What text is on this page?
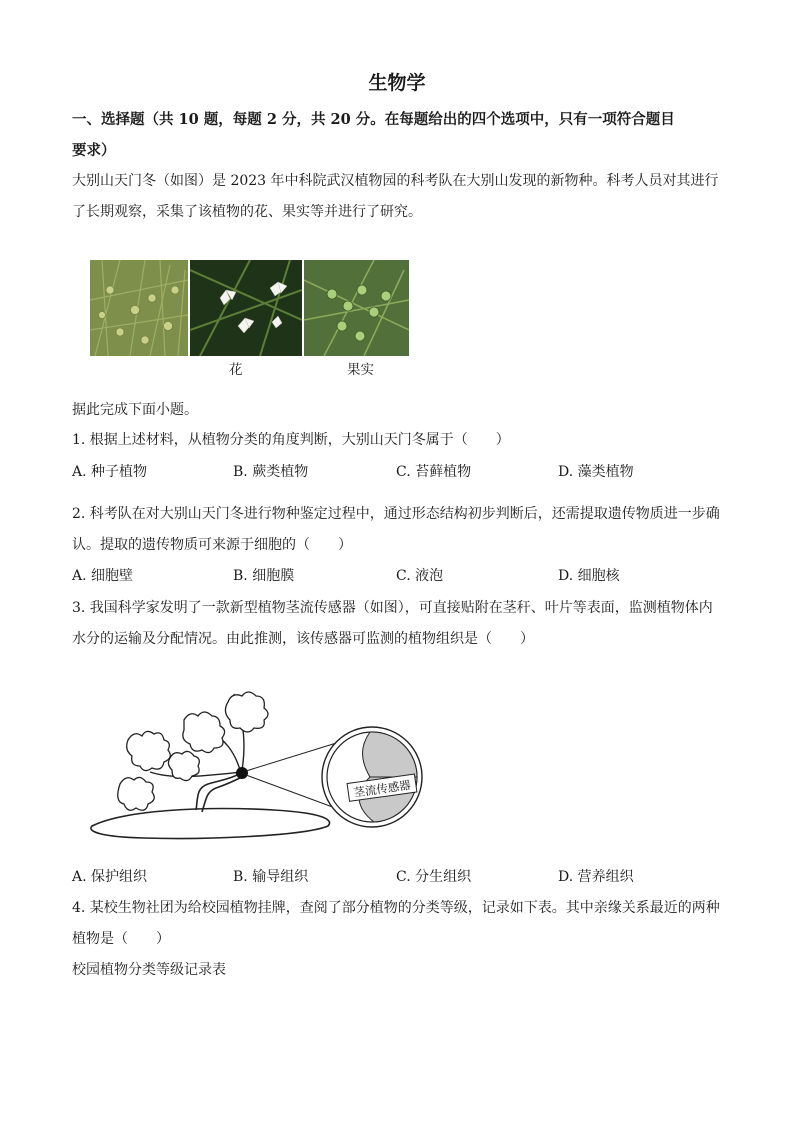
生物学
一、选择题（共 10 题，每题 2 分，共 20 分。在每题给出的四个选项中，只有一项符合题目
要求）
大别山天门冬（如图）是 2023 年中科院武汉植物园的科考队在大别山发现的新物种。科考人员对其进行
了长期观察，采集了该植物的花、果实等并进行了研究。
花	果实
据此完成下面小题。
1. 根据上述材料，从植物分类的角度判断，大别山天门冬属于（　　）
A. 种子植物	B. 蕨类植物	C. 苔藓植物	D. 藻类植物
2. 科考队在对大别山天门冬进行物种鉴定过程中，通过形态结构初步判断后，还需提取遗传物质进一步确
认。提取的遗传物质可来源于细胞的（　　）
A. 细胞壁	B. 细胞膜	C. 液泡	D. 细胞核
3. 我国科学家发明了一款新型植物茎流传感器（如图），可直接贴附在茎秆、叶片等表面，监测植物体内
水分的运输及分配情况。由此推测，该传感器可监测的植物组织是（　　）
茎流传感器
A. 保护组织	B. 输导组织	C. 分生组织	D. 营养组织
4. 某校生物社团为给校园植物挂牌，查阅了部分植物的分类等级，记录如下表。其中亲缘关系最近的两种
植物是（　　）
校园植物分类等级记录表
